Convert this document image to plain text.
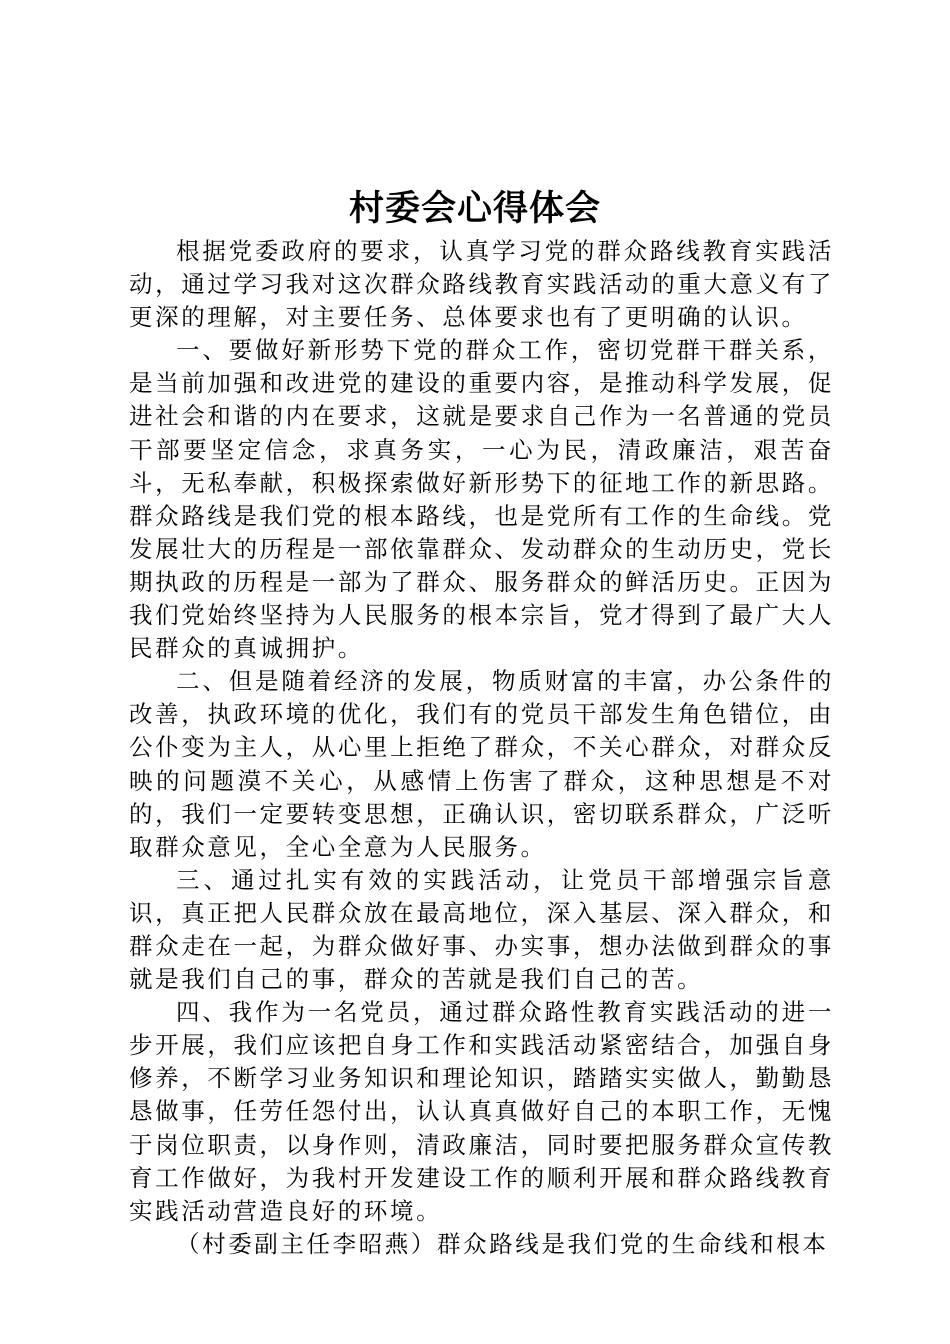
村委会心得体会

根据党委政府的要求，认真学习党的群众路线教育实践活动，通过学习我对这次群众路线教育实践活动的重大意义有了更深的理解，对主要任务、总体要求也有了更明确的认识。

一、要做好新形势下党的群众工作，密切党群干群关系，是当前加强和改进党的建设的重要内容，是推动科学发展，促进社会和谐的内在要求，这就是要求自己作为一名普通的党员干部要坚定信念，求真务实，一心为民，清政廉洁，艰苦奋斗，无私奉献，积极探索做好新形势下的征地工作的新思路。群众路线是我们党的根本路线，也是党所有工作的生命线。党发展壮大的历程是一部依靠群众、发动群众的生动历史，党长期执政的历程是一部为了群众、服务群众的鲜活历史。正因为我们党始终坚持为人民服务的根本宗旨，党才得到了最广大人民群众的真诚拥护。

二、但是随着经济的发展，物质财富的丰富，办公条件的改善，执政环境的优化，我们有的党员干部发生角色错位，由公仆变为主人，从心里上拒绝了群众，不关心群众，对群众反映的问题漠不关心，从感情上伤害了群众，这种思想是不对的，我们一定要转变思想，正确认识，密切联系群众，广泛听取群众意见，全心全意为人民服务。

三、通过扎实有效的实践活动，让党员干部增强宗旨意识，真正把人民群众放在最高地位，深入基层、深入群众，和群众走在一起，为群众做好事、办实事，想办法做到群众的事就是我们自己的事，群众的苦就是我们自己的苦。

四、我作为一名党员，通过群众路性教育实践活动的进一步开展，我们应该把自身工作和实践活动紧密结合，加强自身修养，不断学习业务知识和理论知识，踏踏实实做人，勤勤恳恳做事，任劳任怨付出，认认真真做好自己的本职工作，无愧于岗位职责，以身作则，清政廉洁，同时要把服务群众宣传教育工作做好，为我村开发建设工作的顺利开展和群众路线教育实践活动营造良好的环境。

（村委副主任李昭燕）群众路线是我们党的生命线和根本
